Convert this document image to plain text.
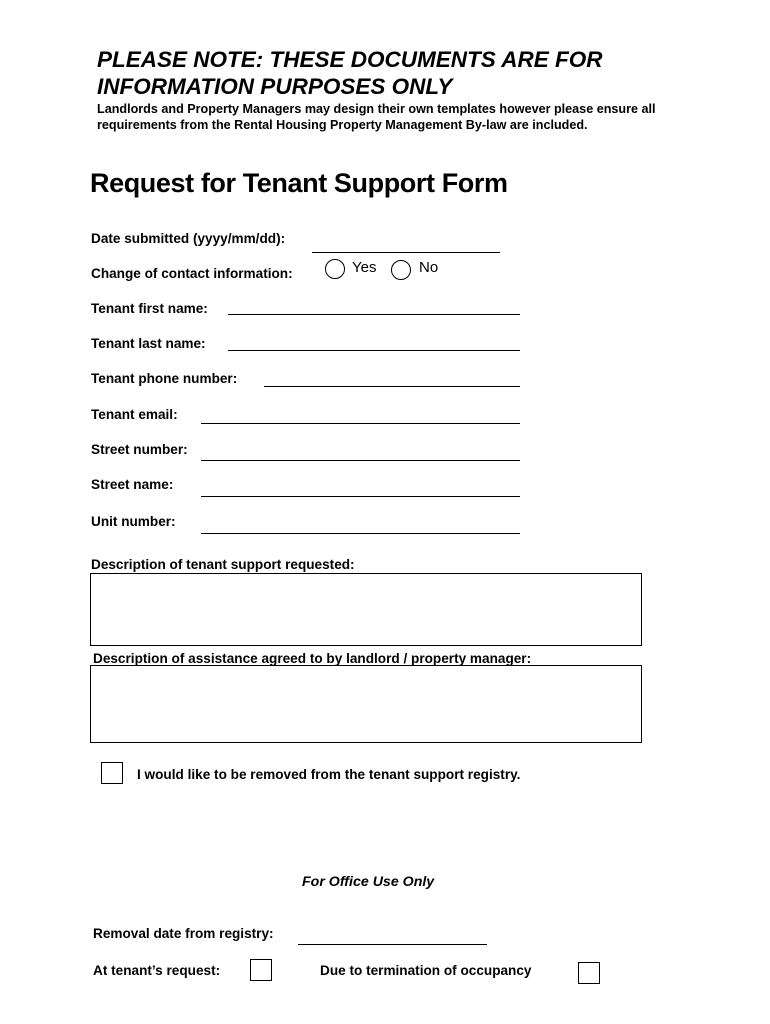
PLEASE NOTE: THESE DOCUMENTS ARE FOR INFORMATION PURPOSES ONLY
Landlords and Property Managers may design their own templates however please ensure all requirements from the Rental Housing Property Management By-law are included.
Request for Tenant Support Form
Date submitted (yyyy/mm/dd):
Change of contact information:	Yes	No
Tenant first name:
Tenant last name:
Tenant phone number:
Tenant email:
Street number:
Street name:
Unit number:
Description of tenant support requested:
Description of assistance agreed to by landlord / property manager:
I would like to be removed from the tenant support registry.
For Office Use Only
Removal date from registry:
At tenant’s request:	Due to termination of occupancy
